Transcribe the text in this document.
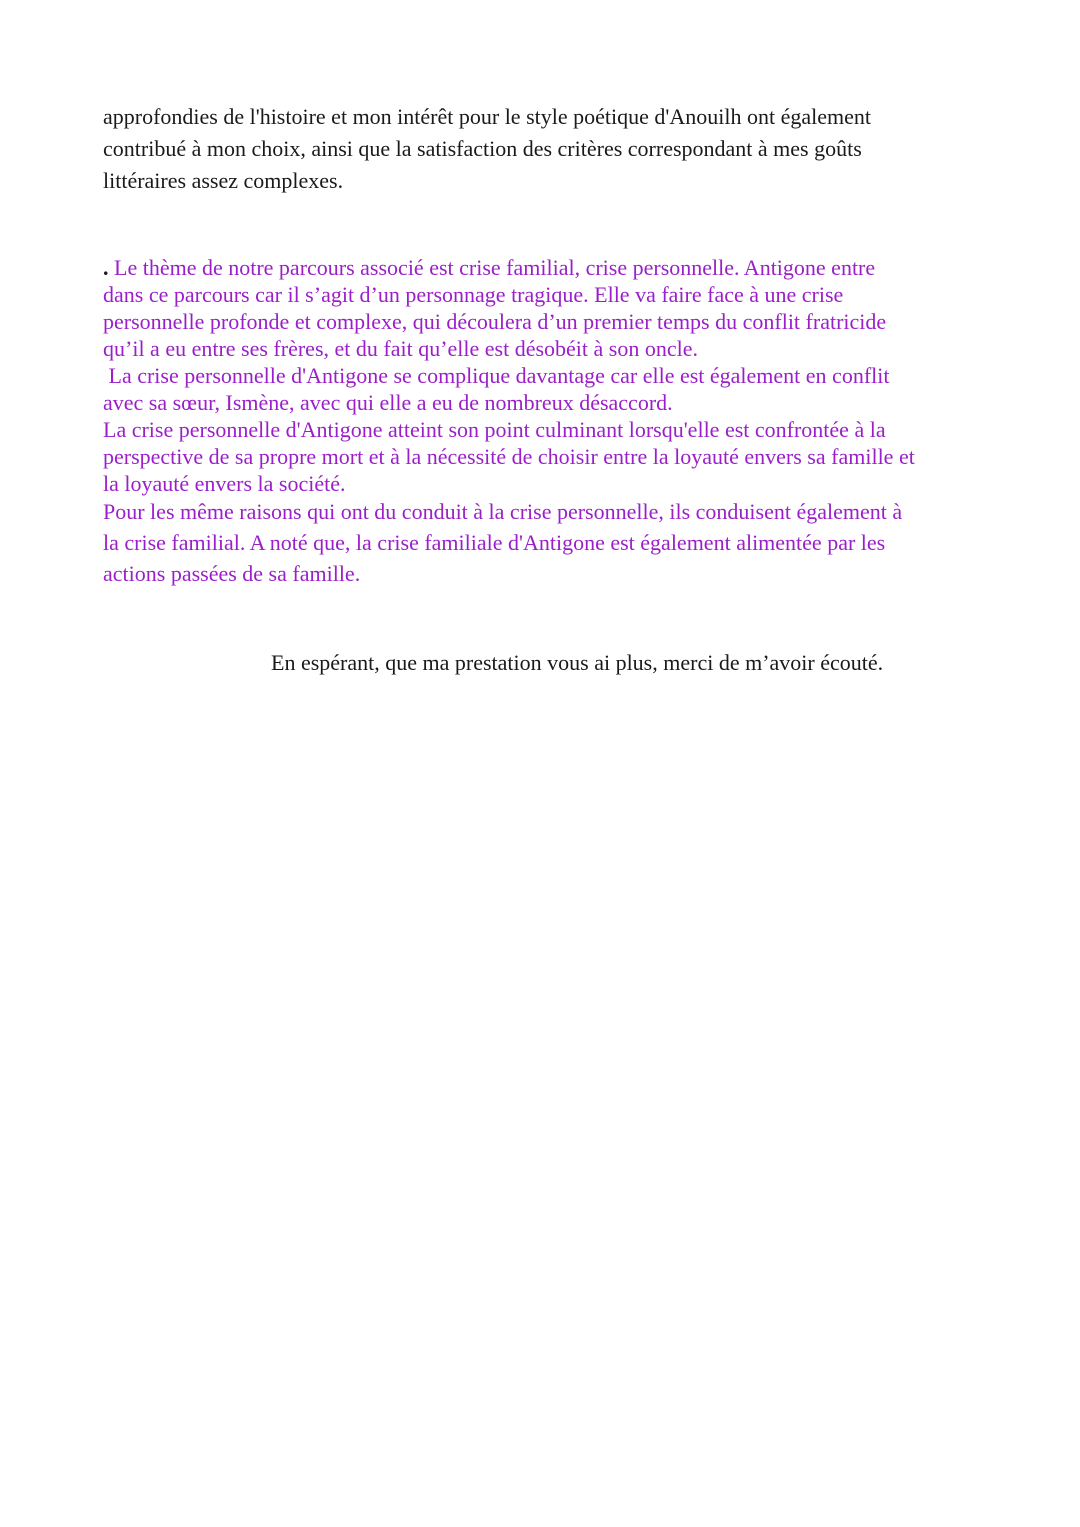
approfondies de l'histoire et mon intérêt pour le style poétique d'Anouilh ont également
contribué à mon choix, ainsi que la satisfaction des critères correspondant à mes goûts
littéraires assez complexes.
. Le thème de notre parcours associé est crise familial, crise personnelle. Antigone entre
dans ce parcours car il s’agit d’un personnage tragique. Elle va faire face à une crise
personnelle profonde et complexe, qui découlera d’un premier temps du conflit fratricide
qu’il a eu entre ses frères, et du fait qu’elle est désobéit à son oncle.
La crise personnelle d'Antigone se complique davantage car elle est également en conflit
avec sa sœur, Ismène, avec qui elle a eu de nombreux désaccord.
La crise personnelle d'Antigone atteint son point culminant lorsqu'elle est confrontée à la
perspective de sa propre mort et à la nécessité de choisir entre la loyauté envers sa famille et
la loyauté envers la société.
Pour les même raisons qui ont du conduit à la crise personnelle, ils conduisent également à
la crise familial. A noté que, la crise familiale d'Antigone est également alimentée par les
actions passées de sa famille.
En espérant, que ma prestation vous ai plus, merci de m’avoir écouté.
